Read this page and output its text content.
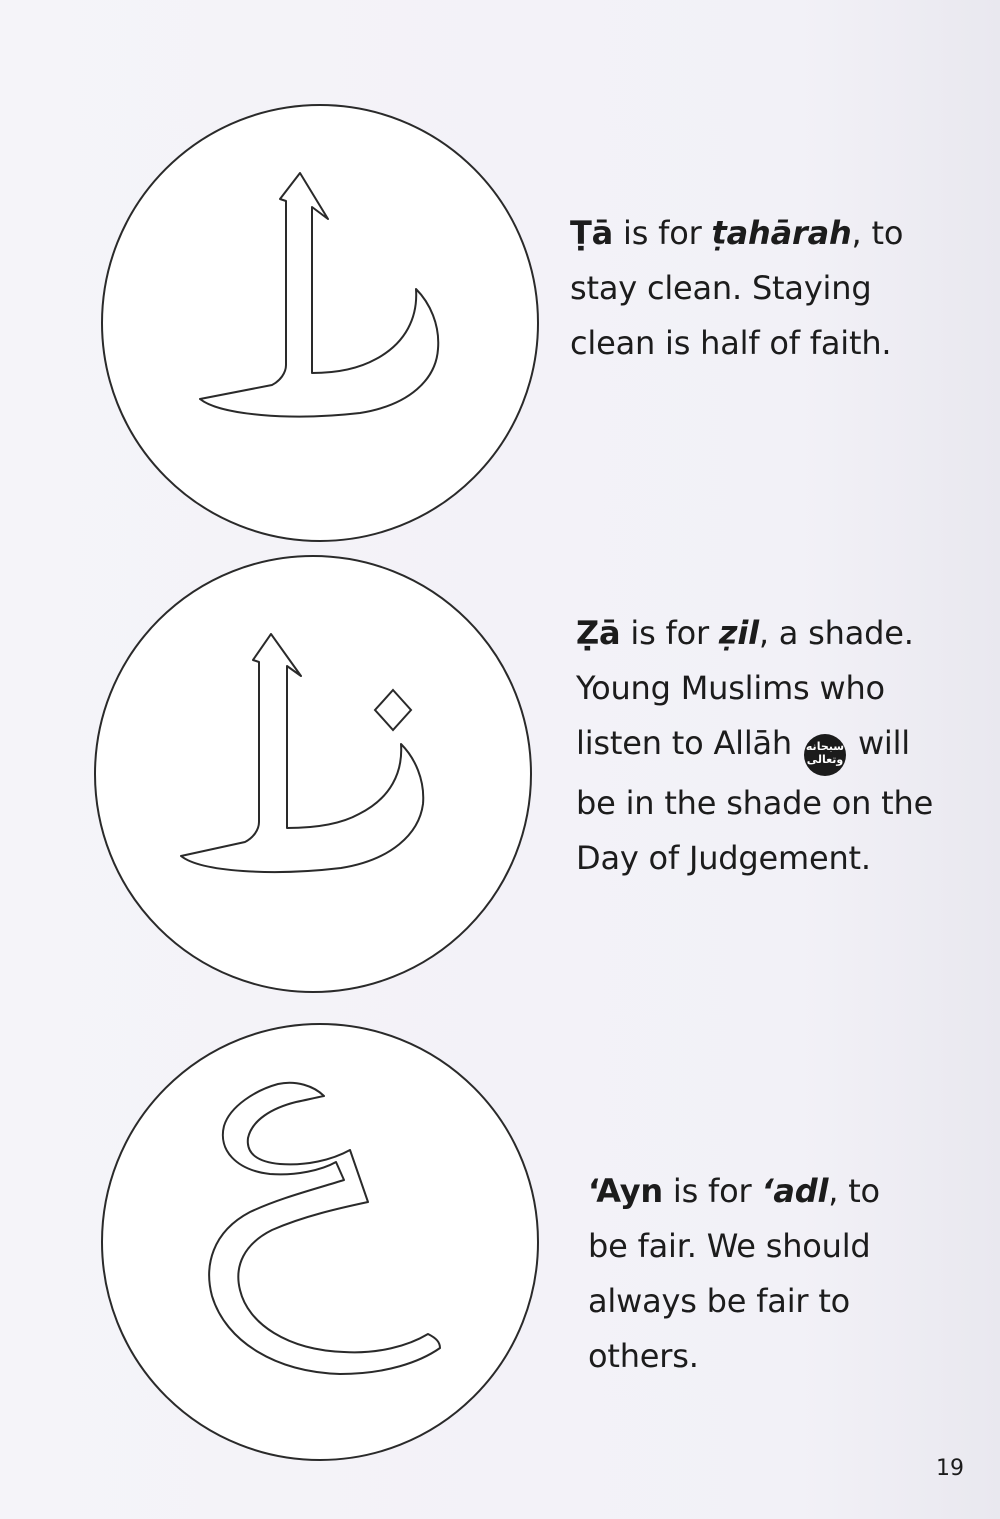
Ṭā is for ṭahārah, to
stay clean. Staying
clean is half of faith.
Ẓā is for ẓil, a shade.
Young Muslims who
listen to Allāh سبحانه
وتعالى will
be in the shade on the
Day of Judgement.
‘Ayn is for ‘adl, to
be fair. We should
always be fair to
others.
19
